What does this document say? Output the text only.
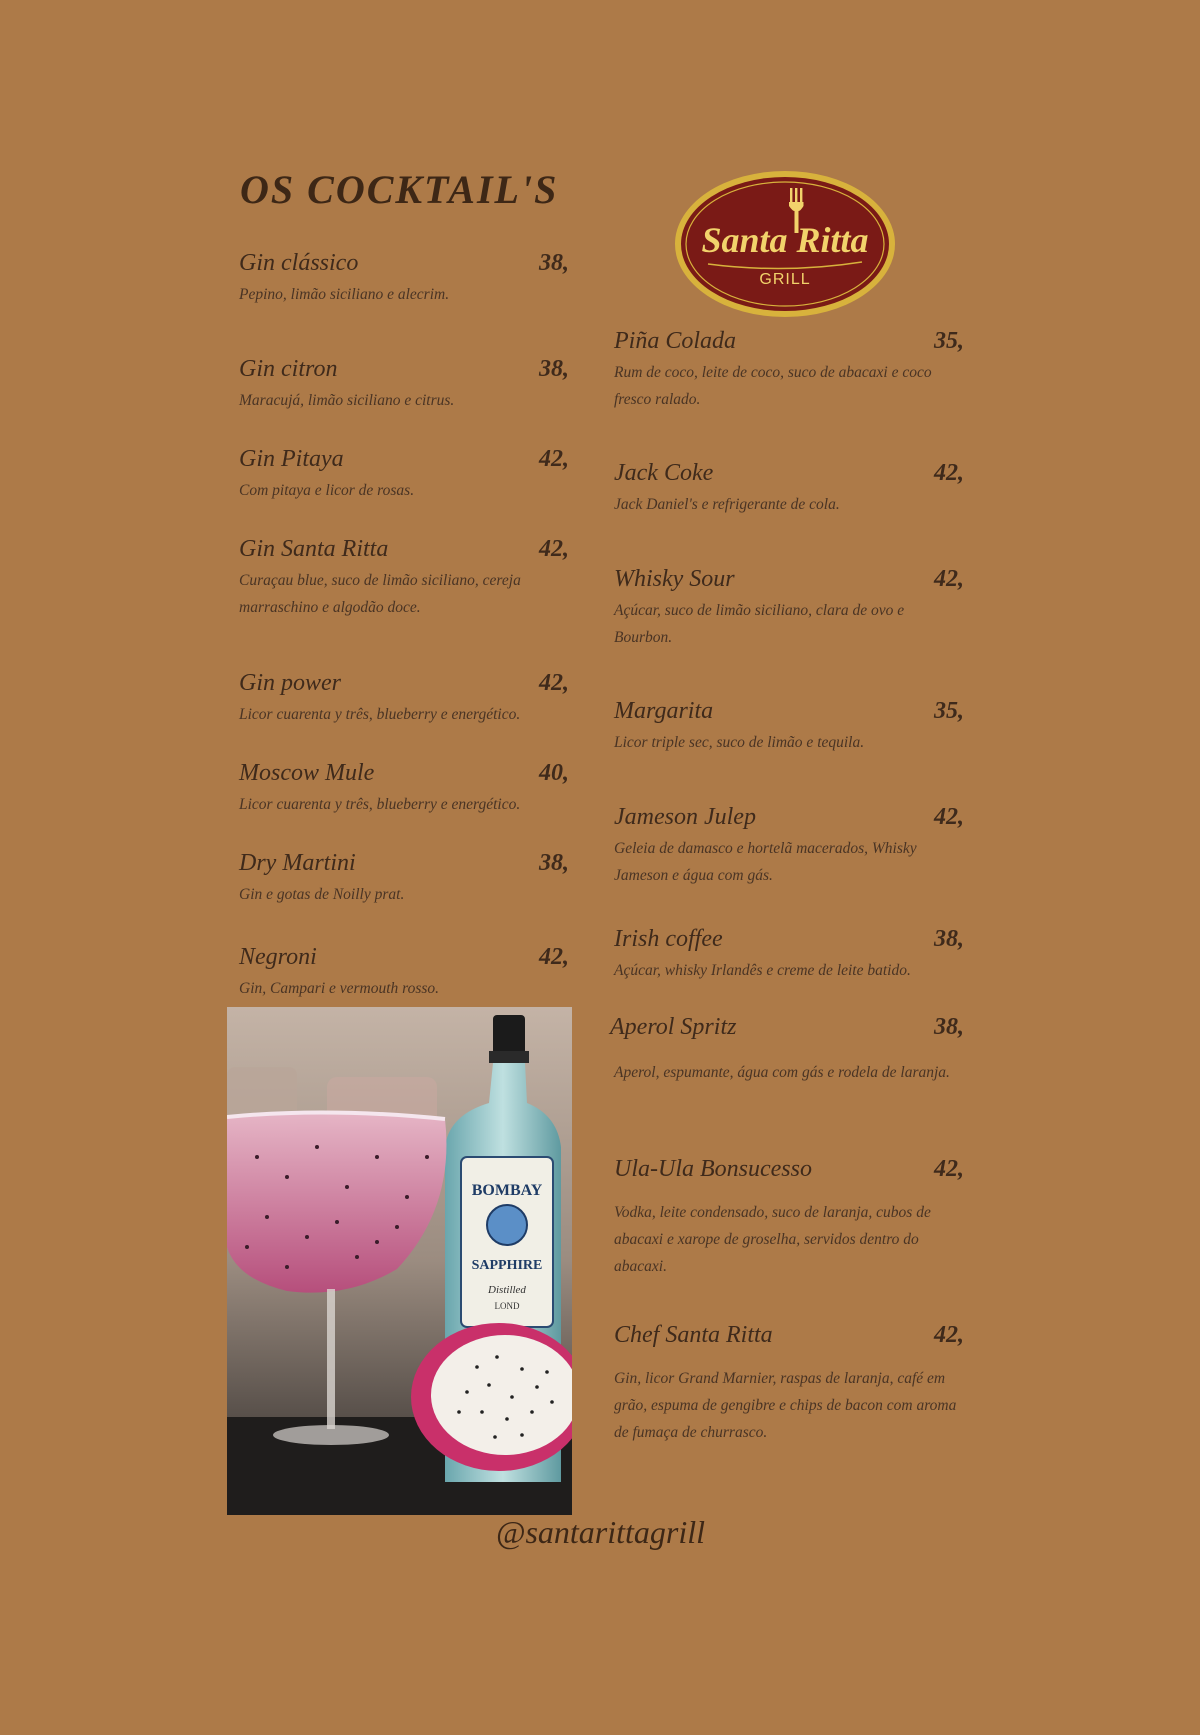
OS COCKTAIL'S
Santa Ritta
GRILL
Gin clássico	38,
Pepino, limão siciliano e alecrim.
Gin citron	38,
Maracujá, limão siciliano e citrus.
Gin Pitaya	42,
Com pitaya e licor de rosas.
Gin Santa Ritta	42,
Curaçau blue, suco de limão siciliano, cereja marraschino e algodão doce.
Gin power	42,
Licor cuarenta y três, blueberry e energético.
Moscow Mule	40,
Licor cuarenta y três, blueberry e energético.
Dry Martini	38,
Gin e gotas de Noilly prat.
Negroni	42,
Gin, Campari e vermouth rosso.
Piña Colada	35,
Rum de coco, leite de coco, suco de abacaxi e coco fresco ralado.
Jack Coke	42,
Jack Daniel's e refrigerante de cola.
Whisky Sour	42,
Açúcar, suco de limão siciliano, clara de ovo e Bourbon.
Margarita	35,
Licor triple sec, suco de limão e tequila.
Jameson Julep	42,
Geleia de damasco e hortelã macerados, Whisky Jameson e água com gás.
Irish coffee	38,
Açúcar, whisky Irlandês e creme de leite batido.
Aperol Spritz	38,
Aperol, espumante, água com gás e rodela de laranja.
Ula-Ula Bonsucesso	42,
Vodka, leite condensado, suco de laranja, cubos de abacaxi e xarope de groselha, servidos dentro do abacaxi.
Chef Santa Ritta	42,
Gin, licor Grand Marnier, raspas de laranja, café em grão, espuma de gengibre e chips de bacon com aroma de fumaça de churrasco.
BOMBAY
SAPPHIRE
Distilled
LOND
@santarittagrill
